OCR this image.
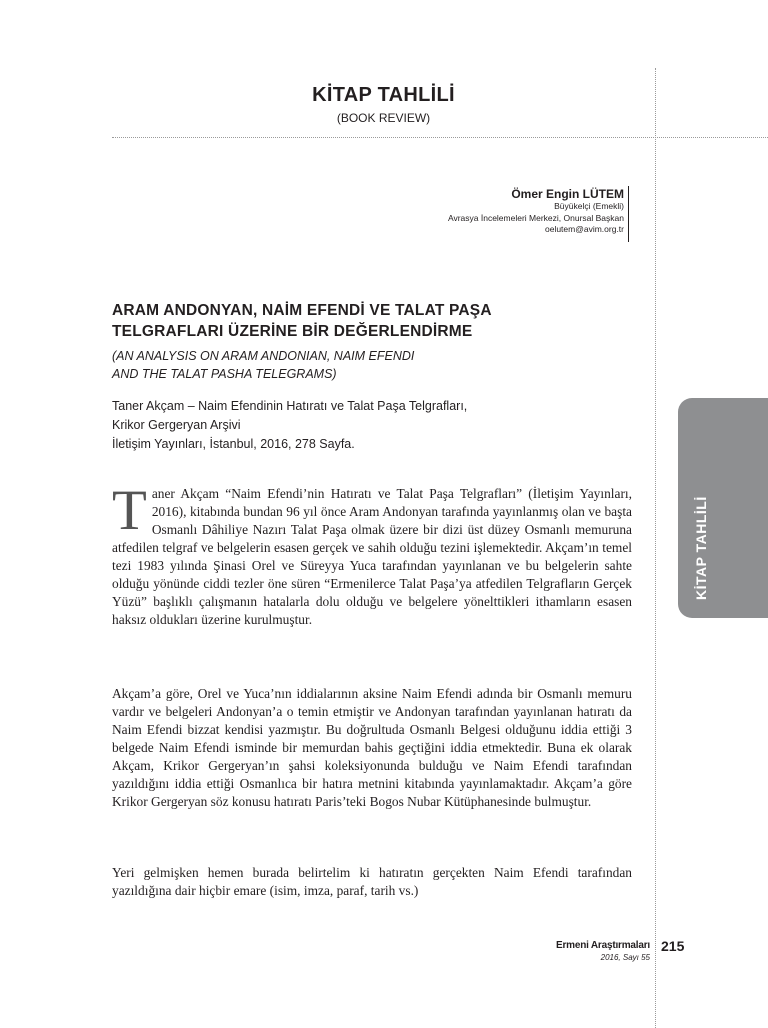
KİTAP TAHLİLİ
(BOOK REVIEW)
Ömer Engin LÜTEM
Büyükelçi (Emekli)
Avrasya İncelemeleri Merkezi, Onursal Başkan
oelutem@avim.org.tr
ARAM ANDONYAN, NAİM EFENDİ VE TALAT PAŞA
TELGRAFLARI ÜZERİNE BİR DEĞERLENDİRME
(AN ANALYSIS ON ARAM ANDONIAN, NAIM EFENDI
AND THE TALAT PASHA TELEGRAMS)
Taner Akçam – Naim Efendinin Hatıratı ve Talat Paşa Telgrafları,
Krikor Gergeryan Arşivi
İletişim Yayınları, İstanbul, 2016, 278 Sayfa.
KİTAP TAHLİLİ
T aner Akçam “Naim Efendi’nin Hatıratı ve Talat Paşa Telgrafları” (İletişim Yayınları, 2016), kitabında bundan 96 yıl önce Aram Andonyan tarafında yayınlanmış olan ve başta Osmanlı Dâhiliye Nazırı Talat Paşa olmak üzere bir dizi üst düzey Osmanlı memuruna atfedilen telgraf ve belgelerin esasen gerçek ve sahih olduğu tezini işlemektedir. Akçam’ın temel tezi 1983 yılında Şinasi Orel ve Süreyya Yuca tarafından yayınlanan ve bu belgelerin sahte olduğu yönünde ciddi tezler öne süren “Ermenilerce Talat Paşa’ya atfedilen Telgrafların Gerçek Yüzü” başlıklı çalışmanın hatalarla dolu olduğu ve belgelere yönelttikleri ithamların esasen haksız oldukları üzerine kurulmuştur.

Akçam’a göre, Orel ve Yuca’nın iddialarının aksine Naim Efendi adında bir Osmanlı memuru vardır ve belgeleri Andonyan’a o temin etmiştir ve Andonyan tarafından yayınlanan hatıratı da Naim Efendi bizzat kendisi yazmıştır. Bu doğrultuda Osmanlı Belgesi olduğunu iddia ettiği 3 belgede Naim Efendi isminde bir memurdan bahis geçtiğini iddia etmektedir. Buna ek olarak Akçam, Krikor Gergeryan’ın şahsi koleksiyonunda bulduğu ve Naim Efendi tarafından yazıldığını iddia ettiği Osmanlıca bir hatıra metnini kitabında yayınlamaktadır. Akçam’a göre Krikor Gergeryan söz konusu hatıratı Paris’teki Bogos Nubar Kütüphanesinde bulmuştur.

Yeri gelmişken hemen burada belirtelim ki hatıratın gerçekten Naim Efendi tarafından yazıldığına dair hiçbir emare (isim, imza, paraf, tarih vs.)

Ermeni Araştırmaları
2016, Sayı 55
215
